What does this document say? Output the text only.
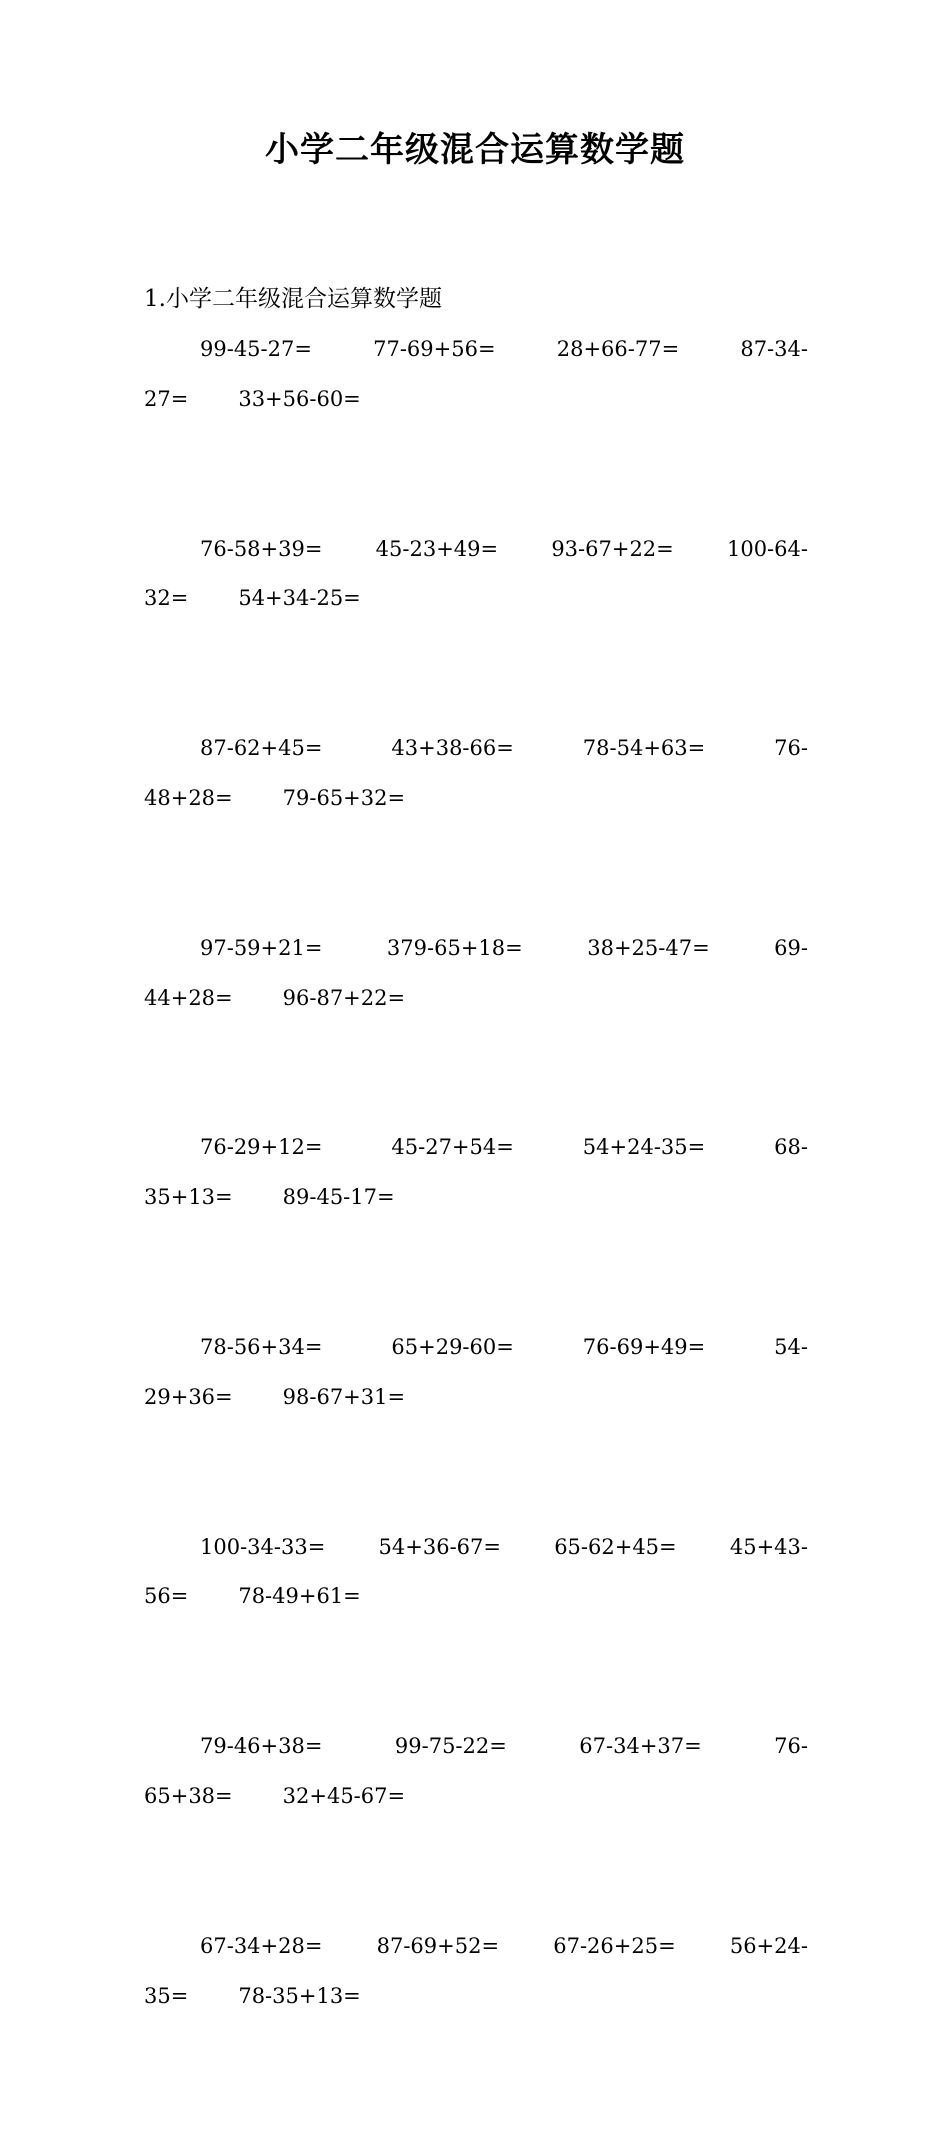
小学二年级混合运算数学题
1.小学二年级混合运算数学题
99-45-27=	77-69+56=	28+66-77=	87-34-
27= 33+56-60=
76-58+39=	45-23+49=	93-67+22=	100-64-
32= 54+34-25=
87-62+45=	43+38-66=	78-54+63=	76-
48+28= 79-65+32=
97-59+21=	379-65+18=	38+25-47=	69-
44+28= 96-87+22=
76-29+12=	45-27+54=	54+24-35=	68-
35+13= 89-45-17=
78-56+34=	65+29-60=	76-69+49=	54-
29+36= 98-67+31=
100-34-33=	54+36-67=	65-62+45=	45+43-
56= 78-49+61=
79-46+38=	99-75-22=	67-34+37=	76-
65+38= 32+45-67=
67-34+28=	87-69+52=	67-26+25=	56+24-
35= 78-35+13=
